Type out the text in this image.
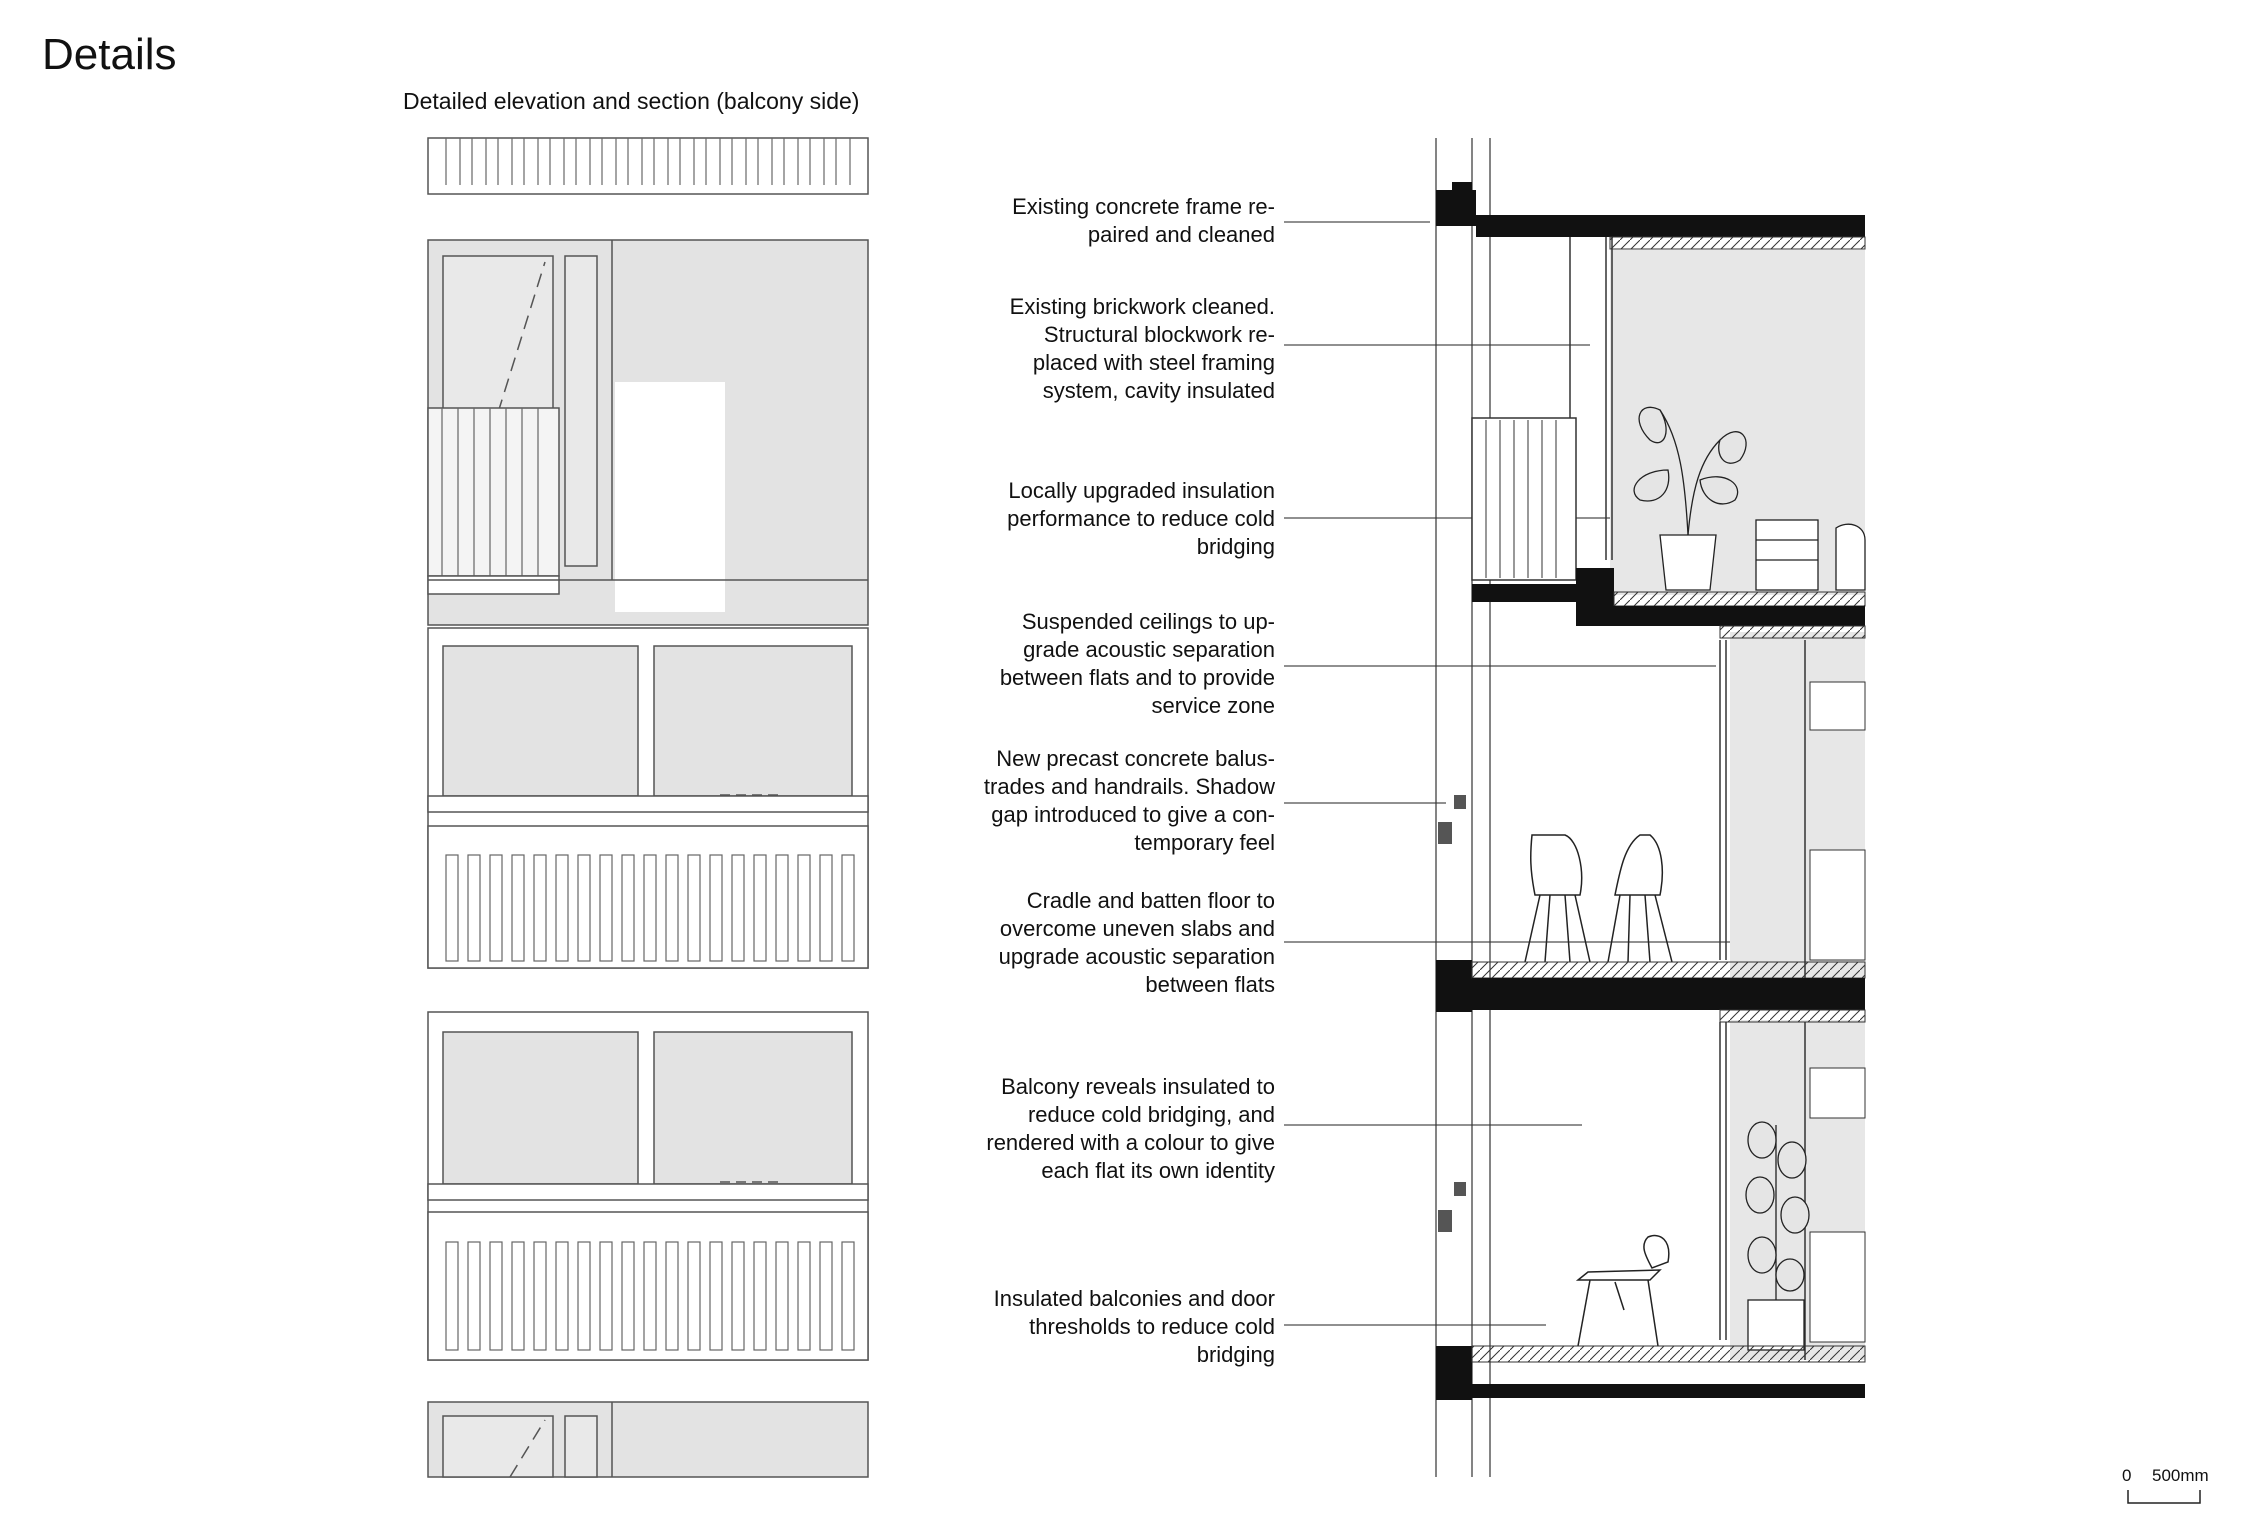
Details
Detailed elevation and section (balcony side)
Existing concrete frame re-
paired and cleaned
Existing brickwork cleaned.
Structural blockwork re-
placed with steel framing
system, cavity insulated
Locally upgraded insulation
performance to reduce cold
bridging
Suspended ceilings to up-
grade acoustic separation
between flats and to provide
service zone
New precast concrete balus-
trades and handrails. Shadow
gap introduced to give a con-
temporary feel
Cradle and batten floor to
overcome uneven slabs and
upgrade acoustic separation
between flats
Balcony reveals insulated to
reduce cold bridging, and
rendered with a colour to give
each flat its own identity
Insulated balconies and door
thresholds to reduce cold
bridging
0 500mm
